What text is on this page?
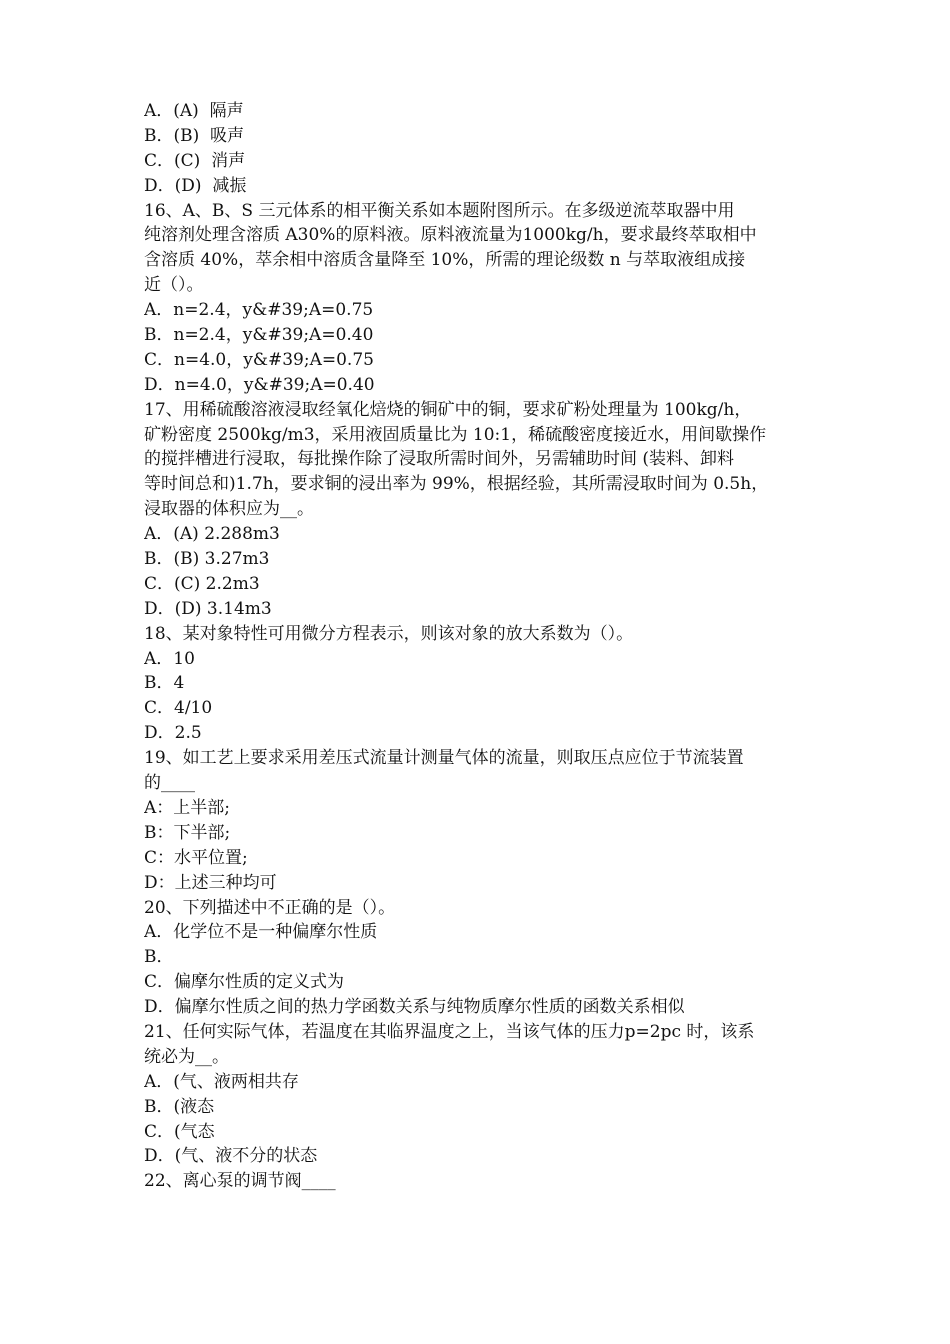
A．(A)  隔声
B．(B)  吸声
C．(C)  消声
D．(D)  减振
16、A、B、S 三元体系的相平衡关系如本题附图所示。在多级逆流萃取器中用
纯溶剂处理含溶质 A30%的原料液。原料液流量为1000kg/h，要求最终萃取相中
含溶质 40%，萃余相中溶质含量降至 10%，所需的理论级数 n 与萃取液组成接
近（）。
A．n=2.4，y&#39;A=0.75
B．n=2.4，y&#39;A=0.40
C．n=4.0，y&#39;A=0.75
D．n=4.0，y&#39;A=0.40
17、用稀硫酸溶液浸取经氧化焙烧的铜矿中的铜，要求矿粉处理量为 100kg/h，
矿粉密度 2500kg/m3，采用液固质量比为 10:1，稀硫酸密度接近水，用间歇操作
的搅拌槽进行浸取，每批操作除了浸取所需时间外，另需辅助时间 (装料、卸料
等时间总和)1.7h，要求铜的浸出率为 99%，根据经验，其所需浸取时间为 0.5h，
浸取器的体积应为__。
A．(A) 2.288m3
B．(B) 3.27m3
C．(C) 2.2m3
D．(D) 3.14m3
18、某对象特性可用微分方程表示，则该对象的放大系数为（）。
A．10
B．4
C．4/10
D．2.5
19、如工艺上要求采用差压式流量计测量气体的流量，则取压点应位于节流装置
的____
A：上半部;
B：下半部;
C：水平位置;
D：上述三种均可
20、下列描述中不正确的是（）。
A．化学位不是一种偏摩尔性质
B．
C．偏摩尔性质的定义式为
D．偏摩尔性质之间的热力学函数关系与纯物质摩尔性质的函数关系相似
21、任何实际气体，若温度在其临界温度之上，当该气体的压力p=2pc 时，该系
统必为__。
A．(气、液两相共存
B．(液态
C．(气态
D．(气、液不分的状态
22、离心泵的调节阀____
